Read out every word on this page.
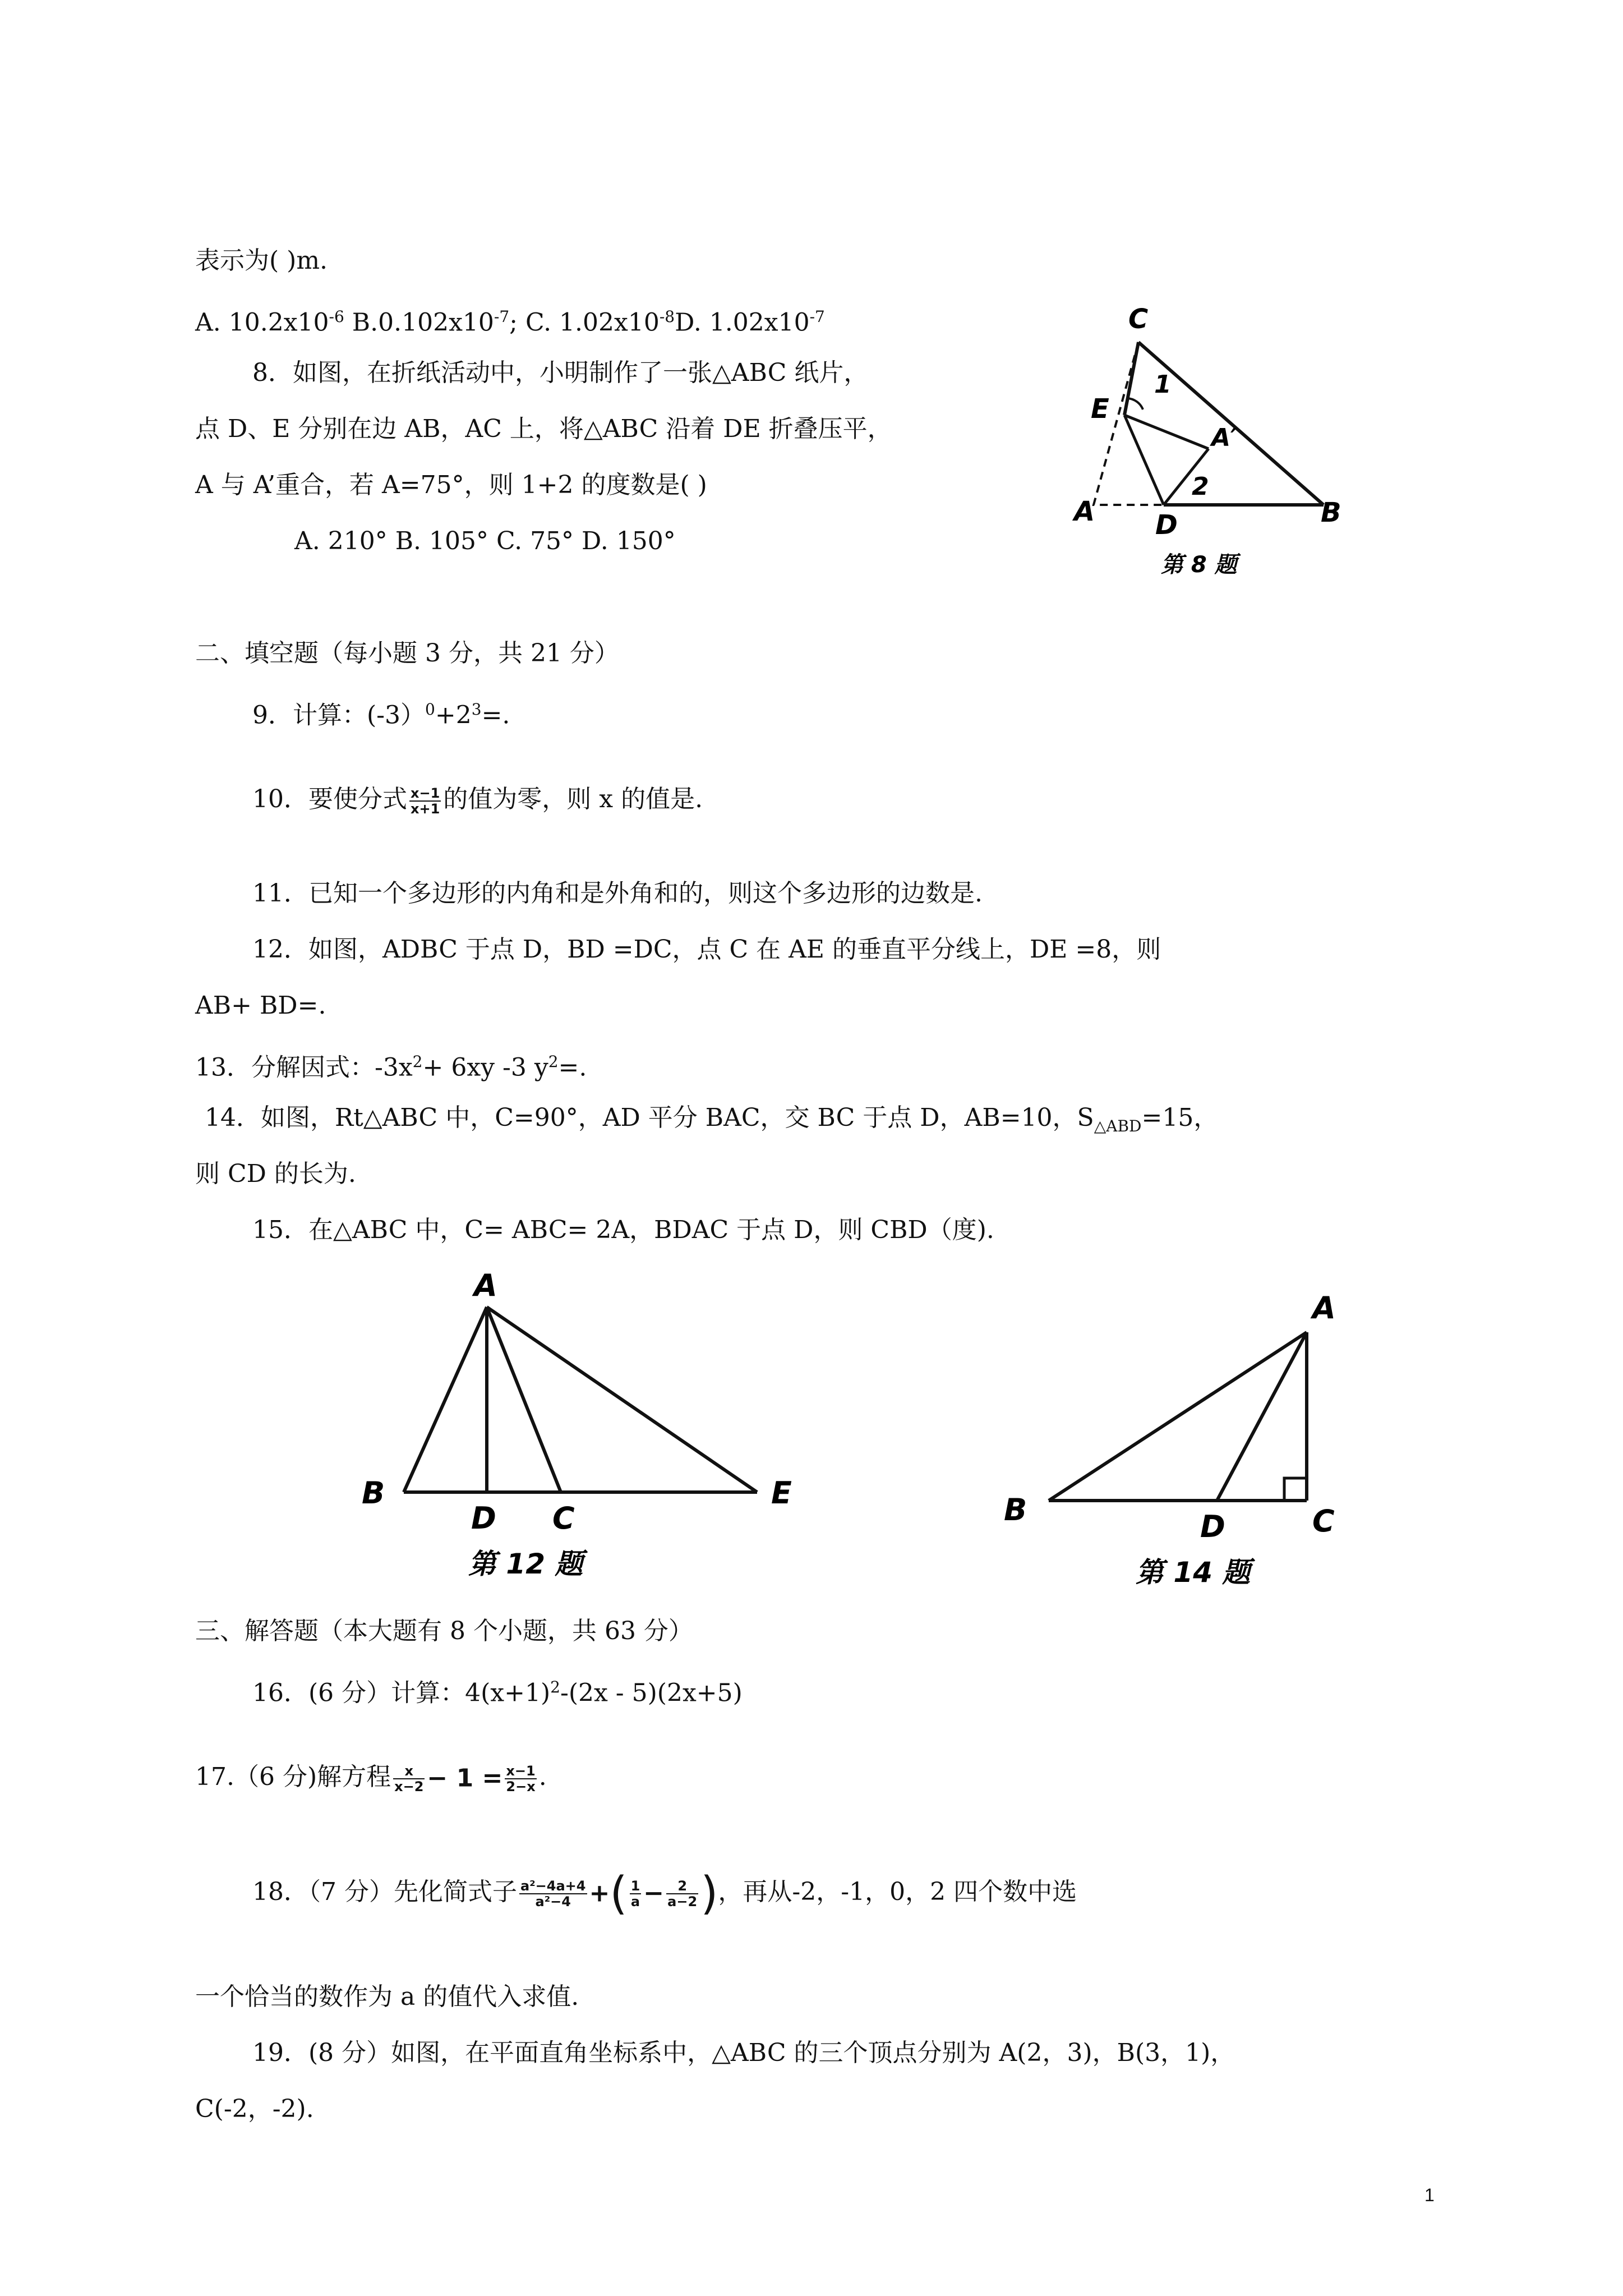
表示为( )m.
A. $10.2x10^{-6}$ $B.0.102x10^{-7}$; C. $1.02x10^{-8}D$. $1.02x10^{-7}$
8．如图，在折纸活动中，小明制作了一张△ABC 纸片，
点 D、E 分别在边 AB，AC 上，将△ABC 沿着 DE 折叠压平，
A 与 A’重合，若 A=75°，则 1+2 的度数是( )
A. 210° B. 105° C. 75° D. 150°
C
E
1
A′
2
A D	B
第 8 题
二、填空题（每小题 3 分，共 21 分）
9．计算：$(-3)^0+2^3=$.
10．要使分式 $\frac{x-1}{x+1}$ 的值为零，则 x 的值是.
11．已知一个多边形的内角和是外角和的，则这个多边形的边数是.
12．如图，ADBC 于点 D，BD =DC，点 C 在 AE 的垂直平分线上，DE =8，则
AB+ BD=.
13．分解因式：$-3x^2+ 6xy$ -3 $y^2=$.
14．如图，Rt△ABC 中，C=90°，AD 平分 BAC，交 BC 于点 D，AB=10，$S_{\triangle ABD}=15$，
则 CD 的长为.
15．在△ABC 中，C= ABC= 2A，BDAC 于点 D，则 CBD（度).
A
B
D C
E
第 12 题
A
B	D	C
第 14 题
三、解答题（本大题有 8 个小题，共 63 分）
16．(6 分）计算：$4(x+1)^2-(2x - 5)(2x+5)$
17.（6 分)解方程 $\frac{x}{x-2} - 1 = \frac{x-1}{2-x}$ .
18．（7 分）先化简式子 $\frac{\text{a²−4a+4}}{\text{a²−4}}$ +( $\frac{1}{a} - \frac{2}{a-2}$ )，再从-2，-1，0，2 四个数中选
一个恰当的数作为 a 的值代入求值.
19．(8 分）如图，在平面直角坐标系中，△ABC 的三个顶点分别为 A(2，3)，B(3，1)，
C(-2，-2).
1
